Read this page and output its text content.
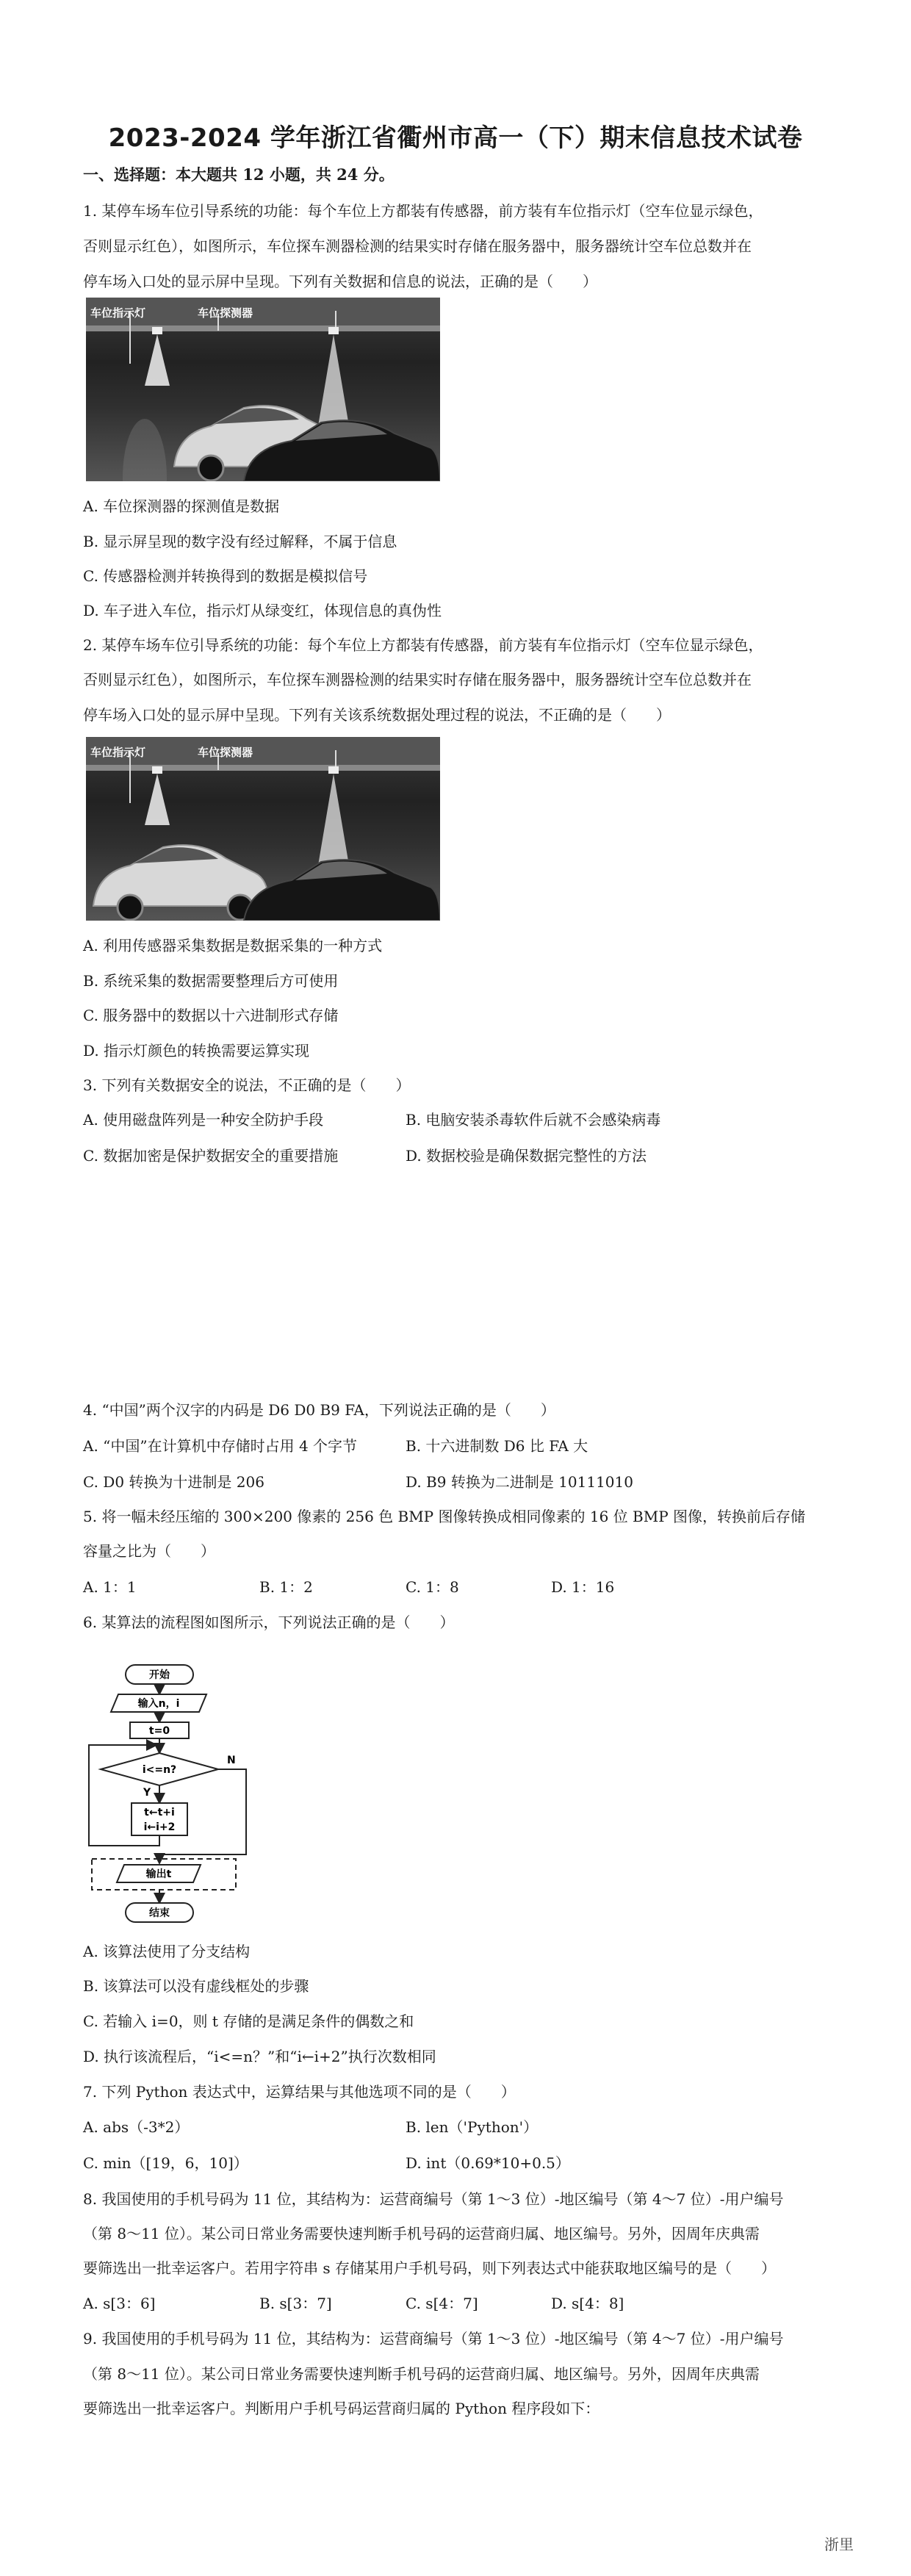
2023-2024 学年浙江省衢州市高一（下）期末信息技术试卷
一、选择题：本大题共 12 小题，共 24 分。
1. 某停车场车位引导系统的功能：每个车位上方都装有传感器，前方装有车位指示灯（空车位显示绿色，
否则显示红色），如图所示，车位探车测器检测的结果实时存储在服务器中，服务器统计空车位总数并在
停车场入口处的显示屏中呈现。下列有关数据和信息的说法，正确的是（　　）
车位指示灯	车位探测器
A. 车位探测器的探测值是数据
B. 显示屏呈现的数字没有经过解释，不属于信息
C. 传感器检测并转换得到的数据是模拟信号
D. 车子进入车位，指示灯从绿变红，体现信息的真伪性
2. 某停车场车位引导系统的功能：每个车位上方都装有传感器，前方装有车位指示灯（空车位显示绿色，
否则显示红色），如图所示，车位探车测器检测的结果实时存储在服务器中，服务器统计空车位总数并在
停车场入口处的显示屏中呈现。下列有关该系统数据处理过程的说法，不正确的是（　　）
车位指示灯	车位探测器
A. 利用传感器采集数据是数据采集的一种方式
B. 系统采集的数据需要整理后方可使用
C. 服务器中的数据以十六进制形式存储
D. 指示灯颜色的转换需要运算实现
3. 下列有关数据安全的说法，不正确的是（　　）
A. 使用磁盘阵列是一种安全防护手段	B. 电脑安装杀毒软件后就不会感染病毒
C. 数据加密是保护数据安全的重要措施	D. 数据校验是确保数据完整性的方法
4. “中国”两个汉字的内码是 D6 D0 B9 FA，下列说法正确的是（　　）
A. “中国”在计算机中存储时占用 4 个字节	B. 十六进制数 D6 比 FA 大
C. D0 转换为十进制是 206	D. B9 转换为二进制是 10111010
5. 将一幅未经压缩的 300×200 像素的 256 色 BMP 图像转换成相同像素的 16 位 BMP 图像，转换前后存储
容量之比为（　　）
A. 1：1	B. 1：2	C. 1：8	D. 1：16
6. 某算法的流程图如图所示，下列说法正确的是（　　）
开始
输入n，i
t=0
i<=n?
N
Y
t←t+i
i←i+2
输出t
结束
A. 该算法使用了分支结构
B. 该算法可以没有虚线框处的步骤
C. 若输入 i=0，则 t 存储的是满足条件的偶数之和
D. 执行该流程后，“i<=n？”和“i←i+2”执行次数相同
7. 下列 Python 表达式中，运算结果与其他选项不同的是（　　）
A. abs（-3*2）	B. len（'Python'）
C. min（[19，6，10]）	D. int（0.69*10+0.5）
8. 我国使用的手机号码为 11 位，其结构为：运营商编号（第 1～3 位）-地区编号（第 4～7 位）-用户编号
（第 8～11 位）。某公司日常业务需要快速判断手机号码的运营商归属、地区编号。另外，因周年庆典需
要筛选出一批幸运客户。若用字符串 s 存储某用户手机号码，则下列表达式中能获取地区编号的是（　　）
A. s[3：6]	B. s[3：7]	C. s[4：7]	D. s[4：8]
9. 我国使用的手机号码为 11 位，其结构为：运营商编号（第 1～3 位）-地区编号（第 4～7 位）-用户编号
（第 8～11 位）。某公司日常业务需要快速判断手机号码的运营商归属、地区编号。另外，因周年庆典需
要筛选出一批幸运客户。判断用户手机号码运营商归属的 Python 程序段如下：
浙里
